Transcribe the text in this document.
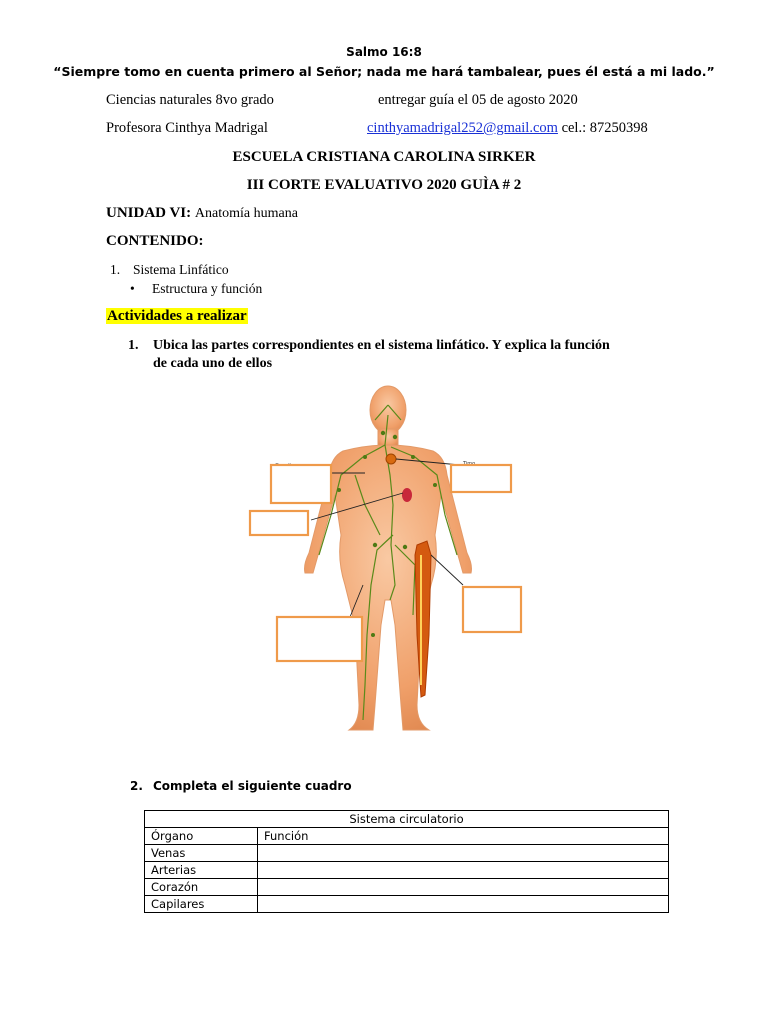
Salmo 16:8
“Siempre tomo en cuenta primero al Señor; nada me hará tambalear, pues él está a mi lado.”
Ciencias naturales 8vo grado	entregar guía el 05 de agosto 2020
Profesora Cinthya Madrigal	cinthyamadrigal252@gmail.com cel.: 87250398
ESCUELA CRISTIANA CAROLINA SIRKER
III CORTE EVALUATIVO 2020 GUÌA # 2
UNIDAD VI: Anatomía humana
CONTENIDO:
1. Sistema Linfático
• Estructura y función
Actividades a realizar
1. Ubica las partes correspondientes en el sistema linfático. Y explica la función
de cada uno de ellos
2. Completa el siguiente cuadro
Sistema circulatorio	
Órgano	Función
Venas	
Arterias	
Corazón	
Capilares	
